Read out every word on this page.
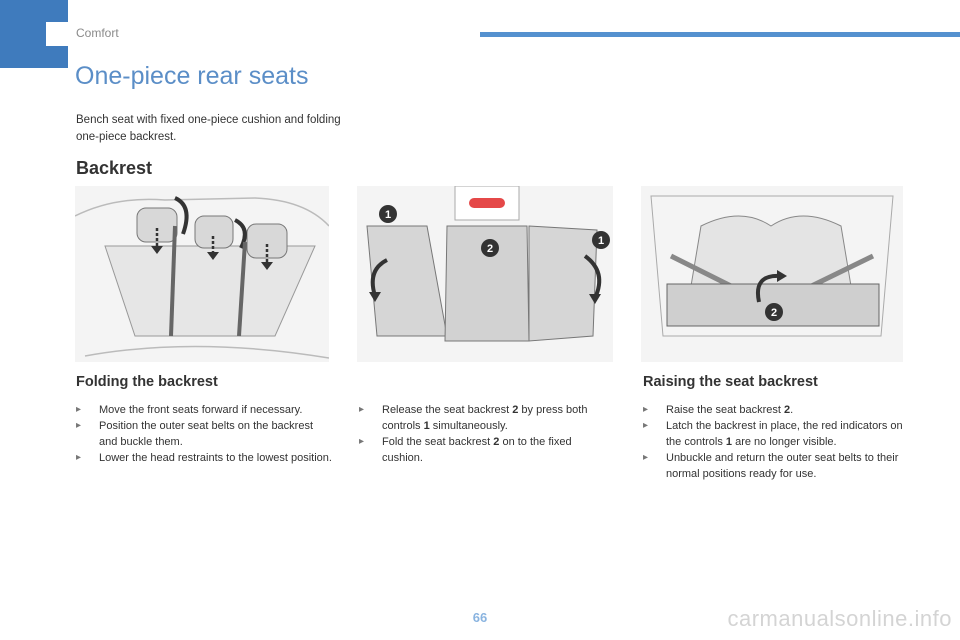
Comfort
One-piece rear seats
Bench seat with fixed one-piece cushion and folding one-piece backrest.
Backrest
1
1
2
2
Folding the backrest
▸ Move the front seats forward if necessary.
▸ Position the outer seat belts on the backrest and buckle them.
▸ Lower the head restraints to the lowest position.
▸ Release the seat backrest 2 by press both controls 1 simultaneously.
▸ Fold the seat backrest 2 on to the fixed cushion.
Raising the seat backrest
▸ Raise the seat backrest 2.
▸ Latch the backrest in place, the red indicators on the controls 1 are no longer visible.
▸ Unbuckle and return the outer seat belts to their normal positions ready for use.
66	carmanualsonline.info
